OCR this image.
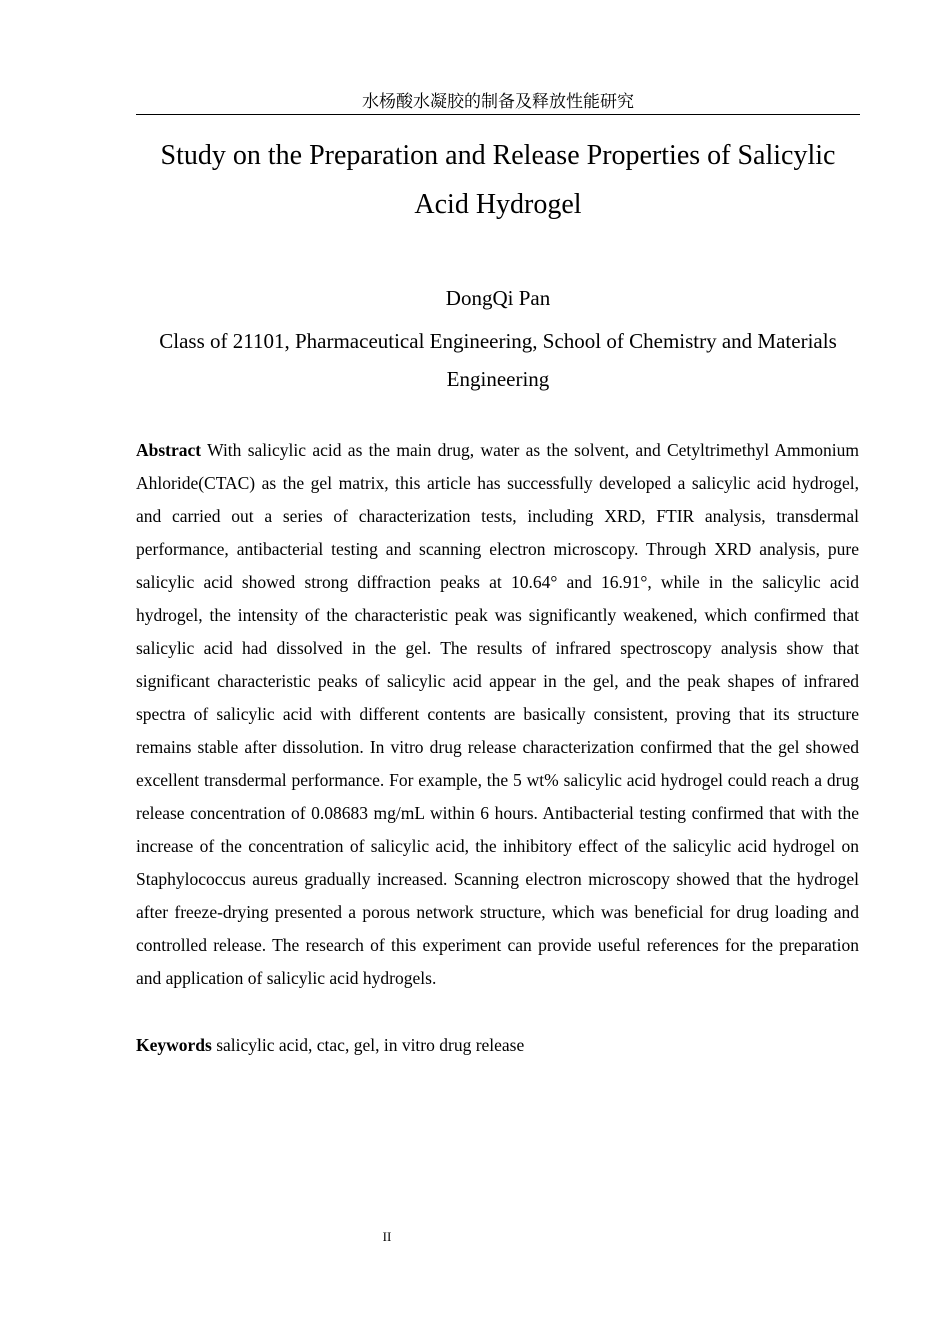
水杨酸水凝胶的制备及释放性能研究
Study on the Preparation and Release Properties of Salicylic Acid Hydrogel
DongQi Pan
Class of 21101, Pharmaceutical Engineering, School of Chemistry and Materials Engineering
Abstract With salicylic acid as the main drug, water as the solvent, and Cetyltrimethyl Ammonium Ahloride(CTAC) as the gel matrix, this article has successfully developed a salicylic acid hydrogel, and carried out a series of characterization tests, including XRD, FTIR analysis, transdermal performance, antibacterial testing and scanning electron microscopy. Through XRD analysis, pure salicylic acid showed strong diffraction peaks at 10.64° and 16.91°, while in the salicylic acid hydrogel, the intensity of the characteristic peak was significantly weakened, which confirmed that salicylic acid had dissolved in the gel. The results of infrared spectroscopy analysis show that significant characteristic peaks of salicylic acid appear in the gel, and the peak shapes of infrared spectra of salicylic acid with different contents are basically consistent, proving that its structure remains stable after dissolution. In vitro drug release characterization confirmed that the gel showed excellent transdermal performance. For example, the 5 wt% salicylic acid hydrogel could reach a drug release concentration of 0.08683 mg/mL within 6 hours. Antibacterial testing confirmed that with the increase of the concentration of salicylic acid, the inhibitory effect of the salicylic acid hydrogel on Staphylococcus aureus gradually increased. Scanning electron microscopy showed that the hydrogel after freeze-drying presented a porous network structure, which was beneficial for drug loading and controlled release. The research of this experiment can provide useful references for the preparation and application of salicylic acid hydrogels.
Keywords salicylic acid, ctac, gel, in vitro drug release
II
